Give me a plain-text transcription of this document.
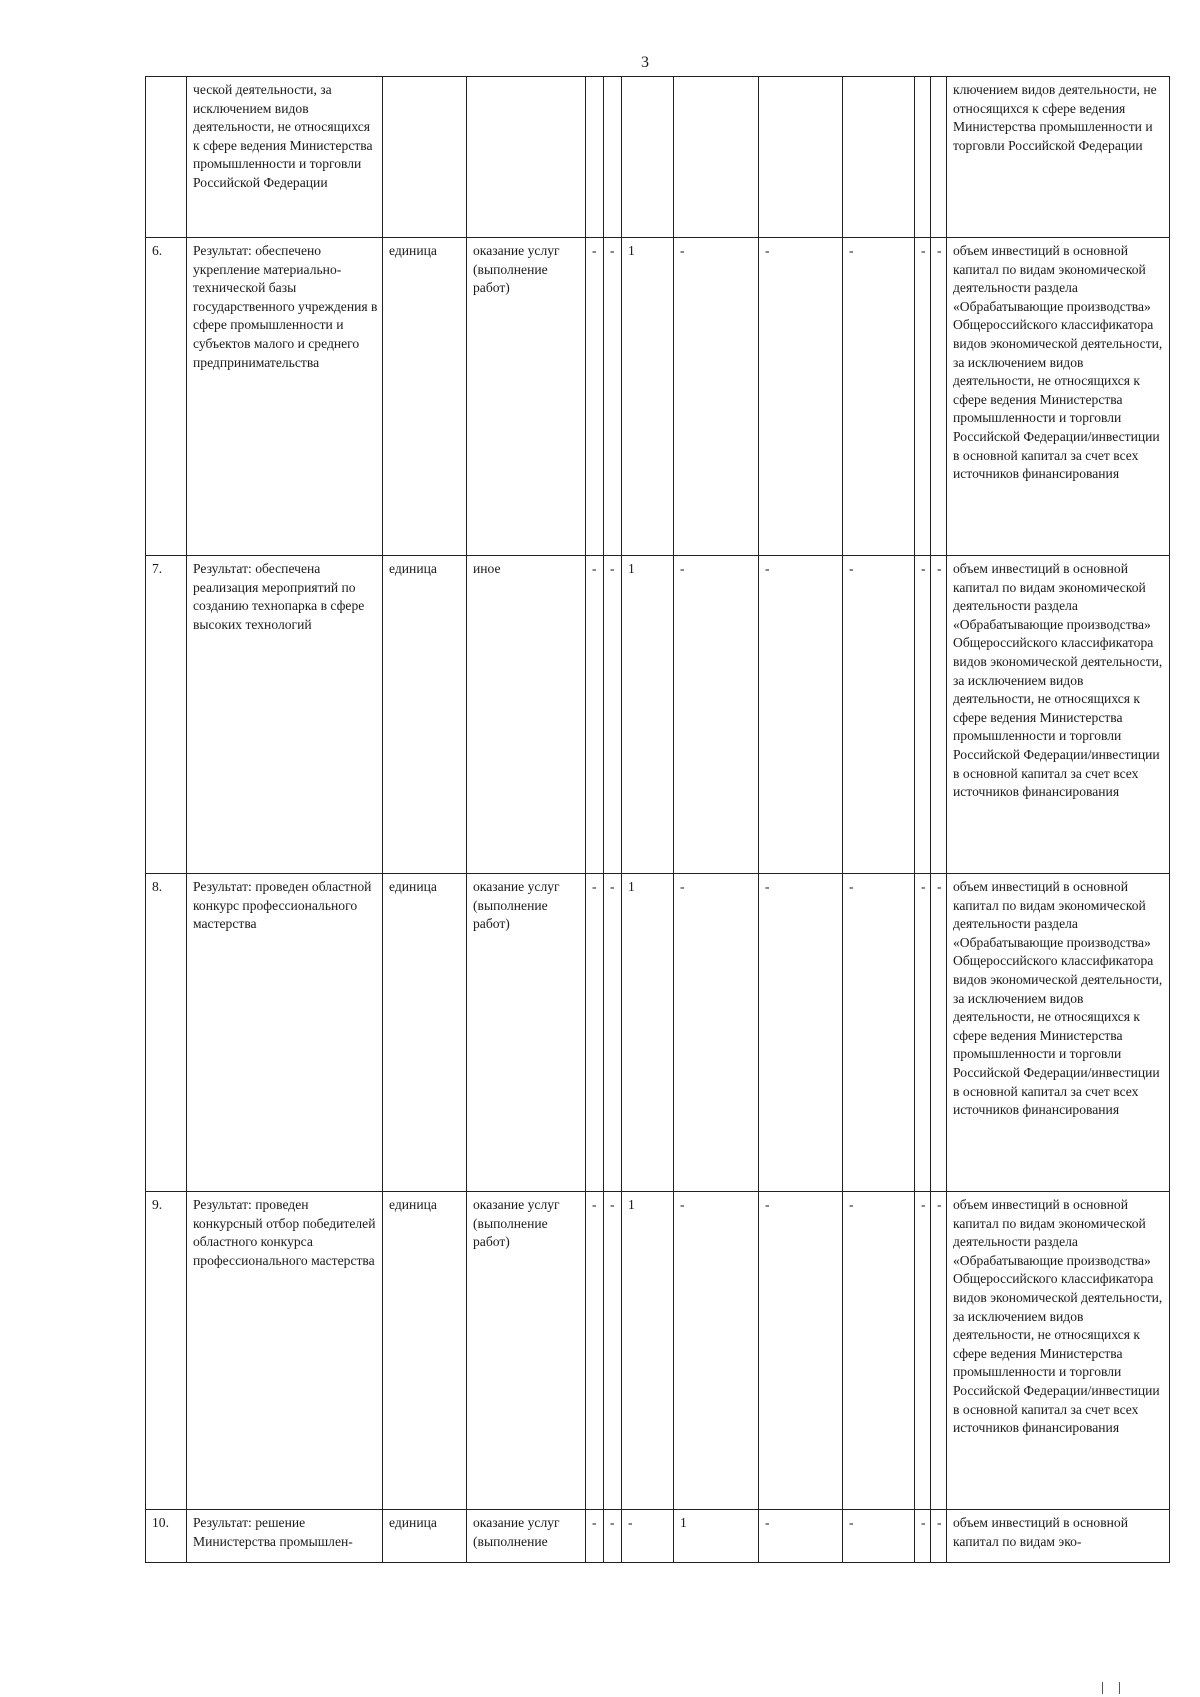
3
	ческой деятельности, за исключением видов деятельности, не относящихся к сфере ведения Министерства промышленности и торговли Российской Федерации											ключением видов деятельности, не относящихся к сфере ведения Министерства промышленности и торговли Российской Федерации
6.	Результат: обеспечено укрепление материально-технической базы государственного учреждения в сфере промышленности и субъектов малого и среднего предпринимательства	единица	оказание услуг (выполнение работ)	-	-	1	-	-	-	-	-	объем инвестиций в основной капитал по видам экономической деятельности раздела «Обрабатывающие производства» Общероссийского классификатора видов экономической деятельности, за исключением видов деятельности, не относящихся к сфере ведения Министерства промышленности и торговли Российской Федерации/инвестиции в основной капитал за счет всех источников финансирования
7.	Результат: обеспечена реализация мероприятий по созданию технопарка в сфере высоких технологий	единица	иное	-	-	1	-	-	-	-	-	объем инвестиций в основной капитал по видам экономической деятельности раздела «Обрабатывающие производства» Общероссийского классификатора видов экономической деятельности, за исключением видов деятельности, не относящихся к сфере ведения Министерства промышленности и торговли Российской Федерации/инвестиции в основной капитал за счет всех источников финансирования
8.	Результат: проведен областной конкурс профессионального мастерства	единица	оказание услуг (выполнение работ)	-	-	1	-	-	-	-	-	объем инвестиций в основной капитал по видам экономической деятельности раздела «Обрабатывающие производства» Общероссийского классификатора видов экономической деятельности, за исключением видов деятельности, не относящихся к сфере ведения Министерства промышленности и торговли Российской Федерации/инвестиции в основной капитал за счет всех источников финансирования
9.	Результат: проведен конкурсный отбор победителей областного конкурса профессионального мастерства	единица	оказание услуг (выполнение работ)	-	-	1	-	-	-	-	-	объем инвестиций в основной капитал по видам экономической деятельности раздела «Обрабатывающие производства» Общероссийского классификатора видов экономической деятельности, за исключением видов деятельности, не относящихся к сфере ведения Министерства промышленности и торговли Российской Федерации/инвестиции в основной капитал за счет всех источников финансирования
10.	Результат: решение Министерства промышлен-	единица	оказание услуг (выполнение	-	-	-	1	-	-	-	-	объем инвестиций в основной капитал по видам эко-
